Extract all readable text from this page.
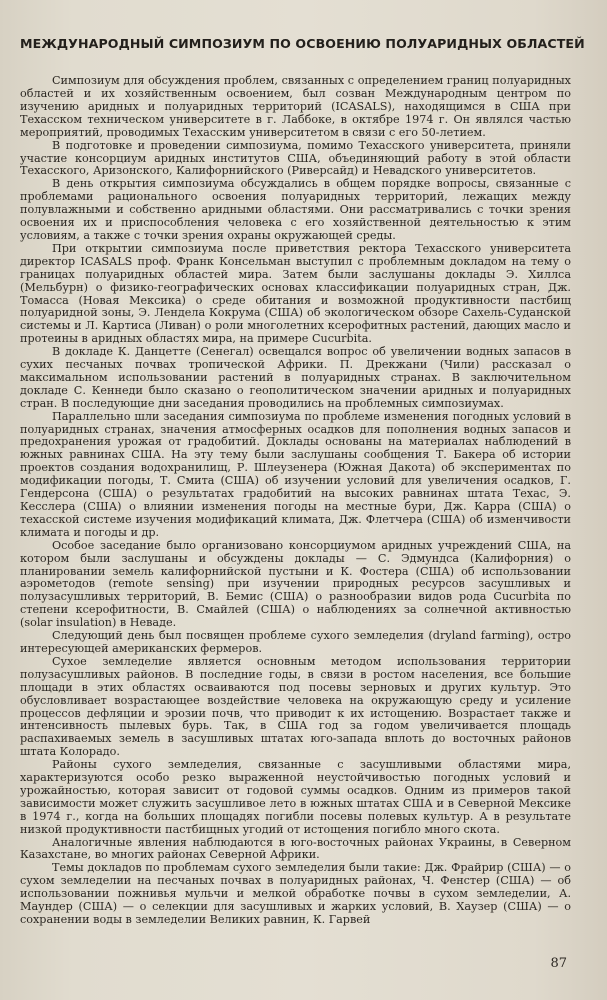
МЕЖДУНАРОДНЫЙ СИМПОЗИУМ ПО ОСВОЕНИЮ ПОЛУАРИДНЫХ ОБЛАСТЕЙ

Симпозиум для обсуждения проблем, связанных с определением границ полуаридных областей и их хозяйственным освоением, был созван Международным центром по изучению аридных и полуаридных территорий (ICASALS), находящимся в США при Техасском техническом университете в г. Лаббоке, в октябре 1974 г. Он являлся частью мероприятий, проводимых Техасским университетом в связи с его 50-летием.

В подготовке и проведении симпозиума, помимо Техасского университета, приняли участие консорциум аридных институтов США, объединяющий работу в этой области Техасского, Аризонского, Калифорнийского (Риверсайд) и Невадского университетов.

В день открытия симпозиума обсуждались в общем порядке вопросы, связанные с проблемами рационального освоения полуаридных территорий, лежащих между полувлажными и собственно аридными областями. Они рассматривались с точки зрения освоения их и приспособления человека с его хозяйственной деятельностью к этим условиям, а также с точки зрения охраны окружающей среды.

При открытии симпозиума после приветствия ректора Техасского университета директор ICASALS проф. Франк Консельман выступил с проблемным докладом на тему о границах полуаридных областей мира. Затем были заслушаны доклады Э. Хиллса (Мельбурн) о физико-географических основах классификации полуаридных стран, Дж. Томасса (Новая Мексика) о среде обитания и возможной продуктивности пастбищ полуаридной зоны, Э. Лендела Кокрума (США) об экологическом обзоре Сахель-Суданской системы и Л. Картиса (Ливан) о роли многолетних ксерофитных растений, дающих масло и протеины в аридных областях мира, на примере Cucurbita.

В докладе К. Данцетте (Сенегал) освещался вопрос об увеличении водных запасов в сухих песчаных почвах тропической Африки. П. Дрекжани (Чили) рассказал о максимальном использовании растений в полуаридных странах. В заключительном докладе С. Кеннеди было сказано о геополитическом значении аридных и полуаридных стран. В последующие дни заседания проводились на проблемных симпозиумах.

Параллельно шли заседания симпозиума по проблеме изменения погодных условий в полуаридных странах, значения атмосферных осадков для пополнения водных запасов и предохранения урожая от градобитий. Доклады основаны на материалах наблюдений в южных равнинах США. На эту тему были заслушаны сообщения Т. Бакера об истории проектов создания водохранилищ, Р. Шлеузенера (Южная Дакота) об экспериментах по модификации погоды, Т. Смита (США) об изучении условий для увеличения осадков, Г. Гендерсона (США) о результатах градобитий на высоких равнинах штата Техас, Э. Кесслера (США) о влиянии изменения погоды на местные бури, Дж. Карра (США) о техасской системе изучения модификаций климата, Дж. Флетчера (США) об изменчивости климата и погоды и др.

Особое заседание было организовано консорциумом аридных учреждений США, на котором были заслушаны и обсуждены доклады — С. Эдмундса (Калифорния) о планировании земель калифорнийской пустыни и К. Фостера (США) об использовании аэрометодов (remote sensing) при изучении природных ресурсов засушливых и полузасушливых территорий, В. Бемис (США) о разнообразии видов рода Cucurbita по степени ксерофитности, В. Смайлей (США) о наблюдениях за солнечной активностью (solar insulation) в Неваде.

Следующий день был посвящен проблеме сухого земледелия (dryland farming), остро интересующей американских фермеров.

Сухое земледелие является основным методом использования территории полузасушливых районов. В последние годы, в связи в ростом населения, все большие площади в этих областях осваиваются под посевы зерновых и других культур. Это обусловливает возрастающее воздействие человека на окружающую среду и усиление процессов дефляции и эрозии почв, что приводит к их истощению. Возрастает также и интенсивность пылевых бурь. Так, в США год за годом увеличивается площадь распахиваемых земель в засушливых штатах юго-запада вплоть до восточных районов штата Колорадо.

Районы сухого земледелия, связанные с засушливыми областями мира, характеризуются особо резко выраженной неустойчивостью погодных условий и урожайностью, которая зависит от годовой суммы осадков. Одним из примеров такой зависимости может служить засушливое лето в южных штатах США и в Северной Мексике в 1974 г., когда на больших площадях погибли посевы полевых культур. А в результате низкой продуктивности пастбищных угодий от истощения погибло много скота.

Аналогичные явления наблюдаются в юго-восточных районах Украины, в Северном Казахстане, во многих районах Северной Африки.

Темы докладов по проблемам сухого земледелия были такие: Дж. Фрайрир (США) — о сухом земледелии на песчаных почвах в полуаридных районах, Ч. Фенстер (США) — об использовании пожнивья мульчи и мелкой обработке почвы в сухом земледелии, А. Маундер (США) — о селекции для засушливых и жарких условий, В. Хаузер (США) — о сохранении воды в земледелии Великих равнин, К. Гарвей

87
